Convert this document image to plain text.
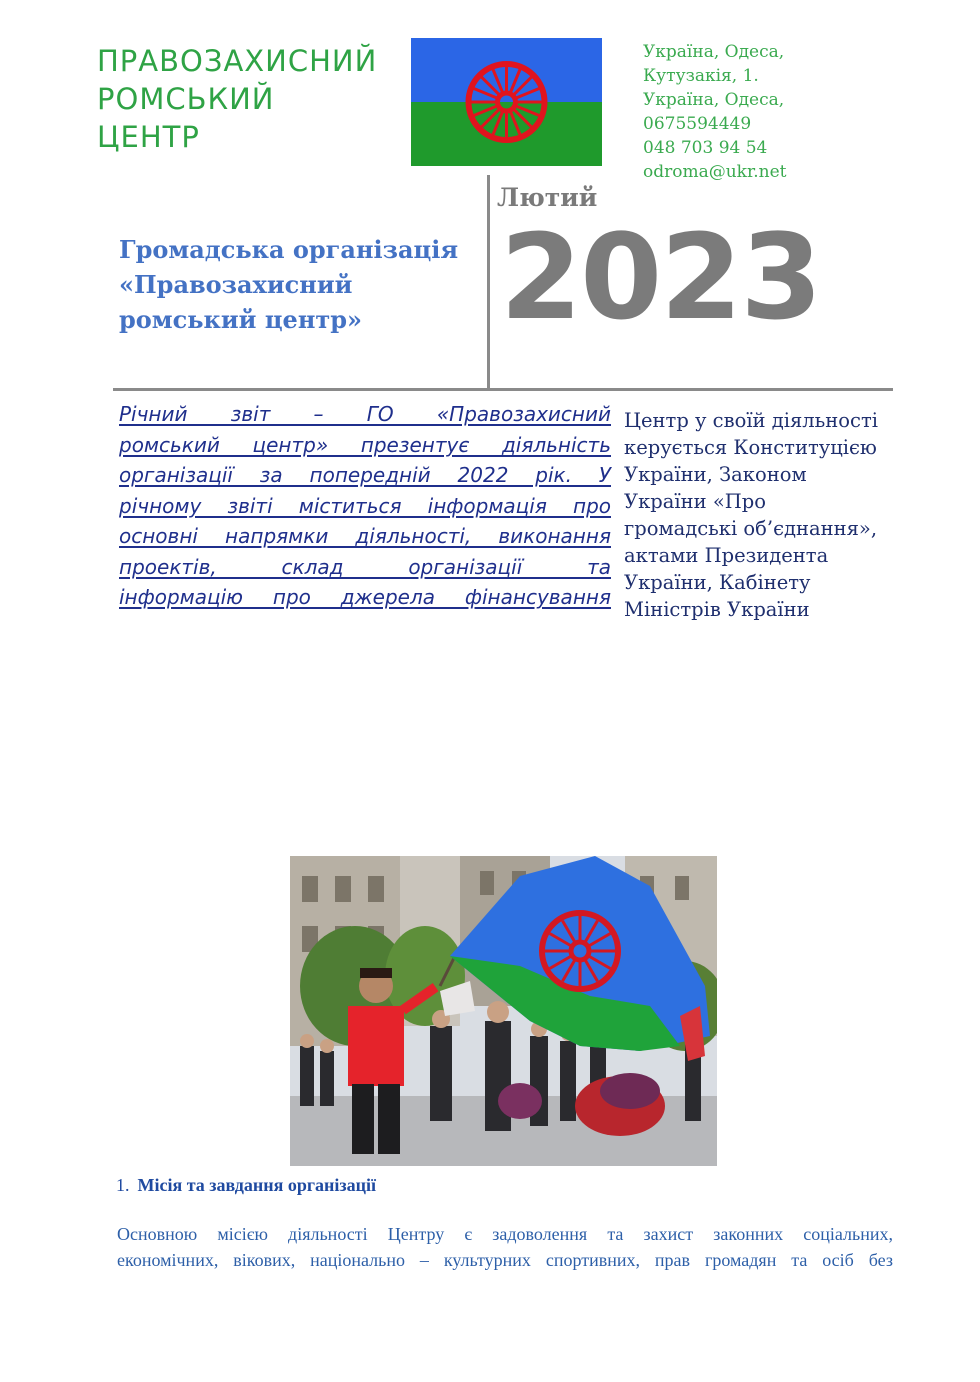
ПРАВОЗАХИСНИЙ
РОМСЬКИЙ
ЦЕНТР
Україна, Одеса,
Кутузакія, 1.
Україна, Одеса,
0675594449
048 703 94 54
odroma@ukr.net
Лютий
2023
Громадська організація
«Правозахисний
ромський центр»
Річний звіт – ГО «Правозахисний
ромський центр» презентує діяльність
організації за попередній 2022 рік. У
річному звіті міститься інформація про
основні напрямки діяльності, виконання
проектів, склад організації та
інформацію про джерела фінансування
Центр у своїй діяльності
керується Конституцією
України, Законом
України «Про
громадські об’єднання»,
актами Президента
України, Кабінету
Міністрів України
1. Місія та завдання організації
Основною місією діяльності Центру є задоволення та захист законних соціальних,
економічних, вікових, національно – культурних спортивних, прав громадян та осіб без
